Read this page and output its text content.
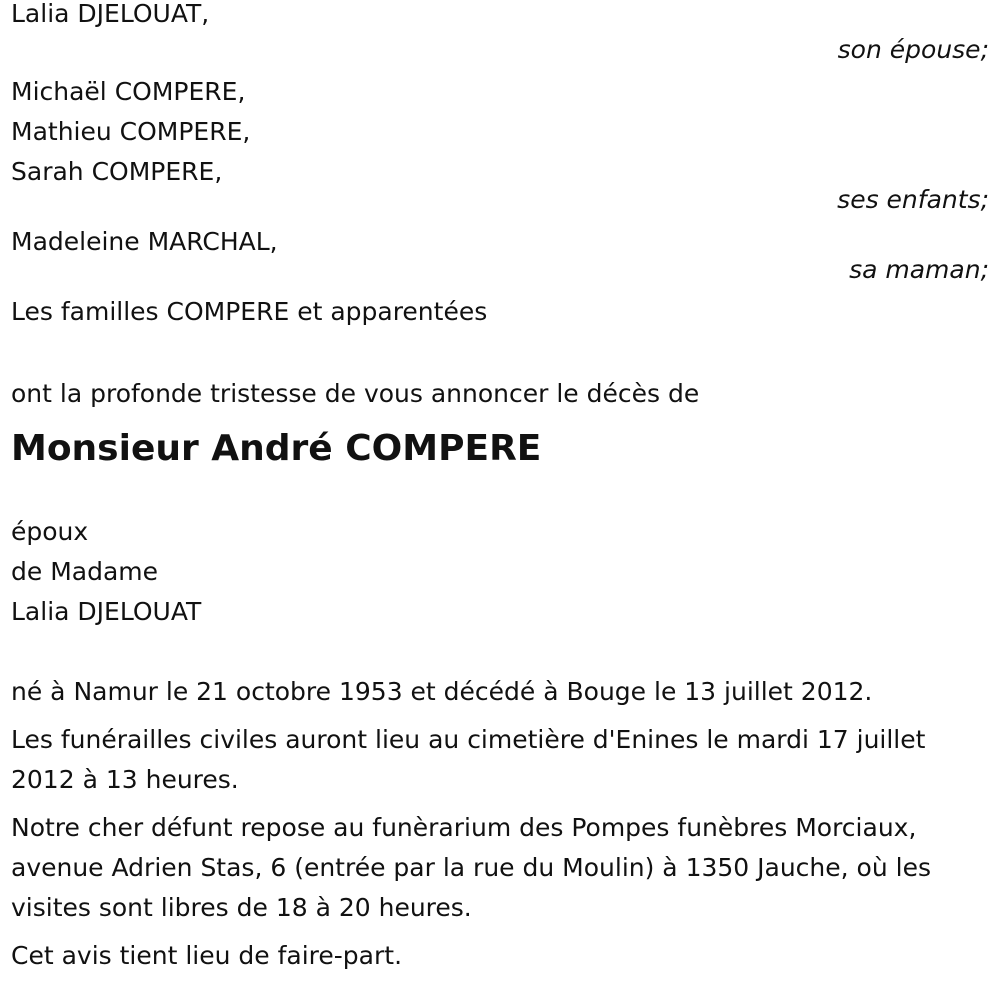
Lalia DJELOUAT,
son épouse;
Michaël COMPERE,
Mathieu COMPERE,
Sarah COMPERE,
ses enfants;
Madeleine MARCHAL,
sa maman;
Les familles COMPERE et apparentées
ont la profonde tristesse de vous annoncer le décès de
Monsieur André COMPERE
époux
de Madame
Lalia DJELOUAT
né à Namur le 21 octobre 1953 et décédé à Bouge le 13 juillet 2012.
Les funérailles civiles auront lieu au cimetière d'Enines le mardi 17 juillet 2012 à 13 heures.
Notre cher défunt repose au funèrarium des Pompes funèbres Morciaux, avenue Adrien Stas, 6 (entrée par la rue du Moulin) à 1350 Jauche, où les visites sont libres de 18 à 20 heures.
Cet avis tient lieu de faire-part.
